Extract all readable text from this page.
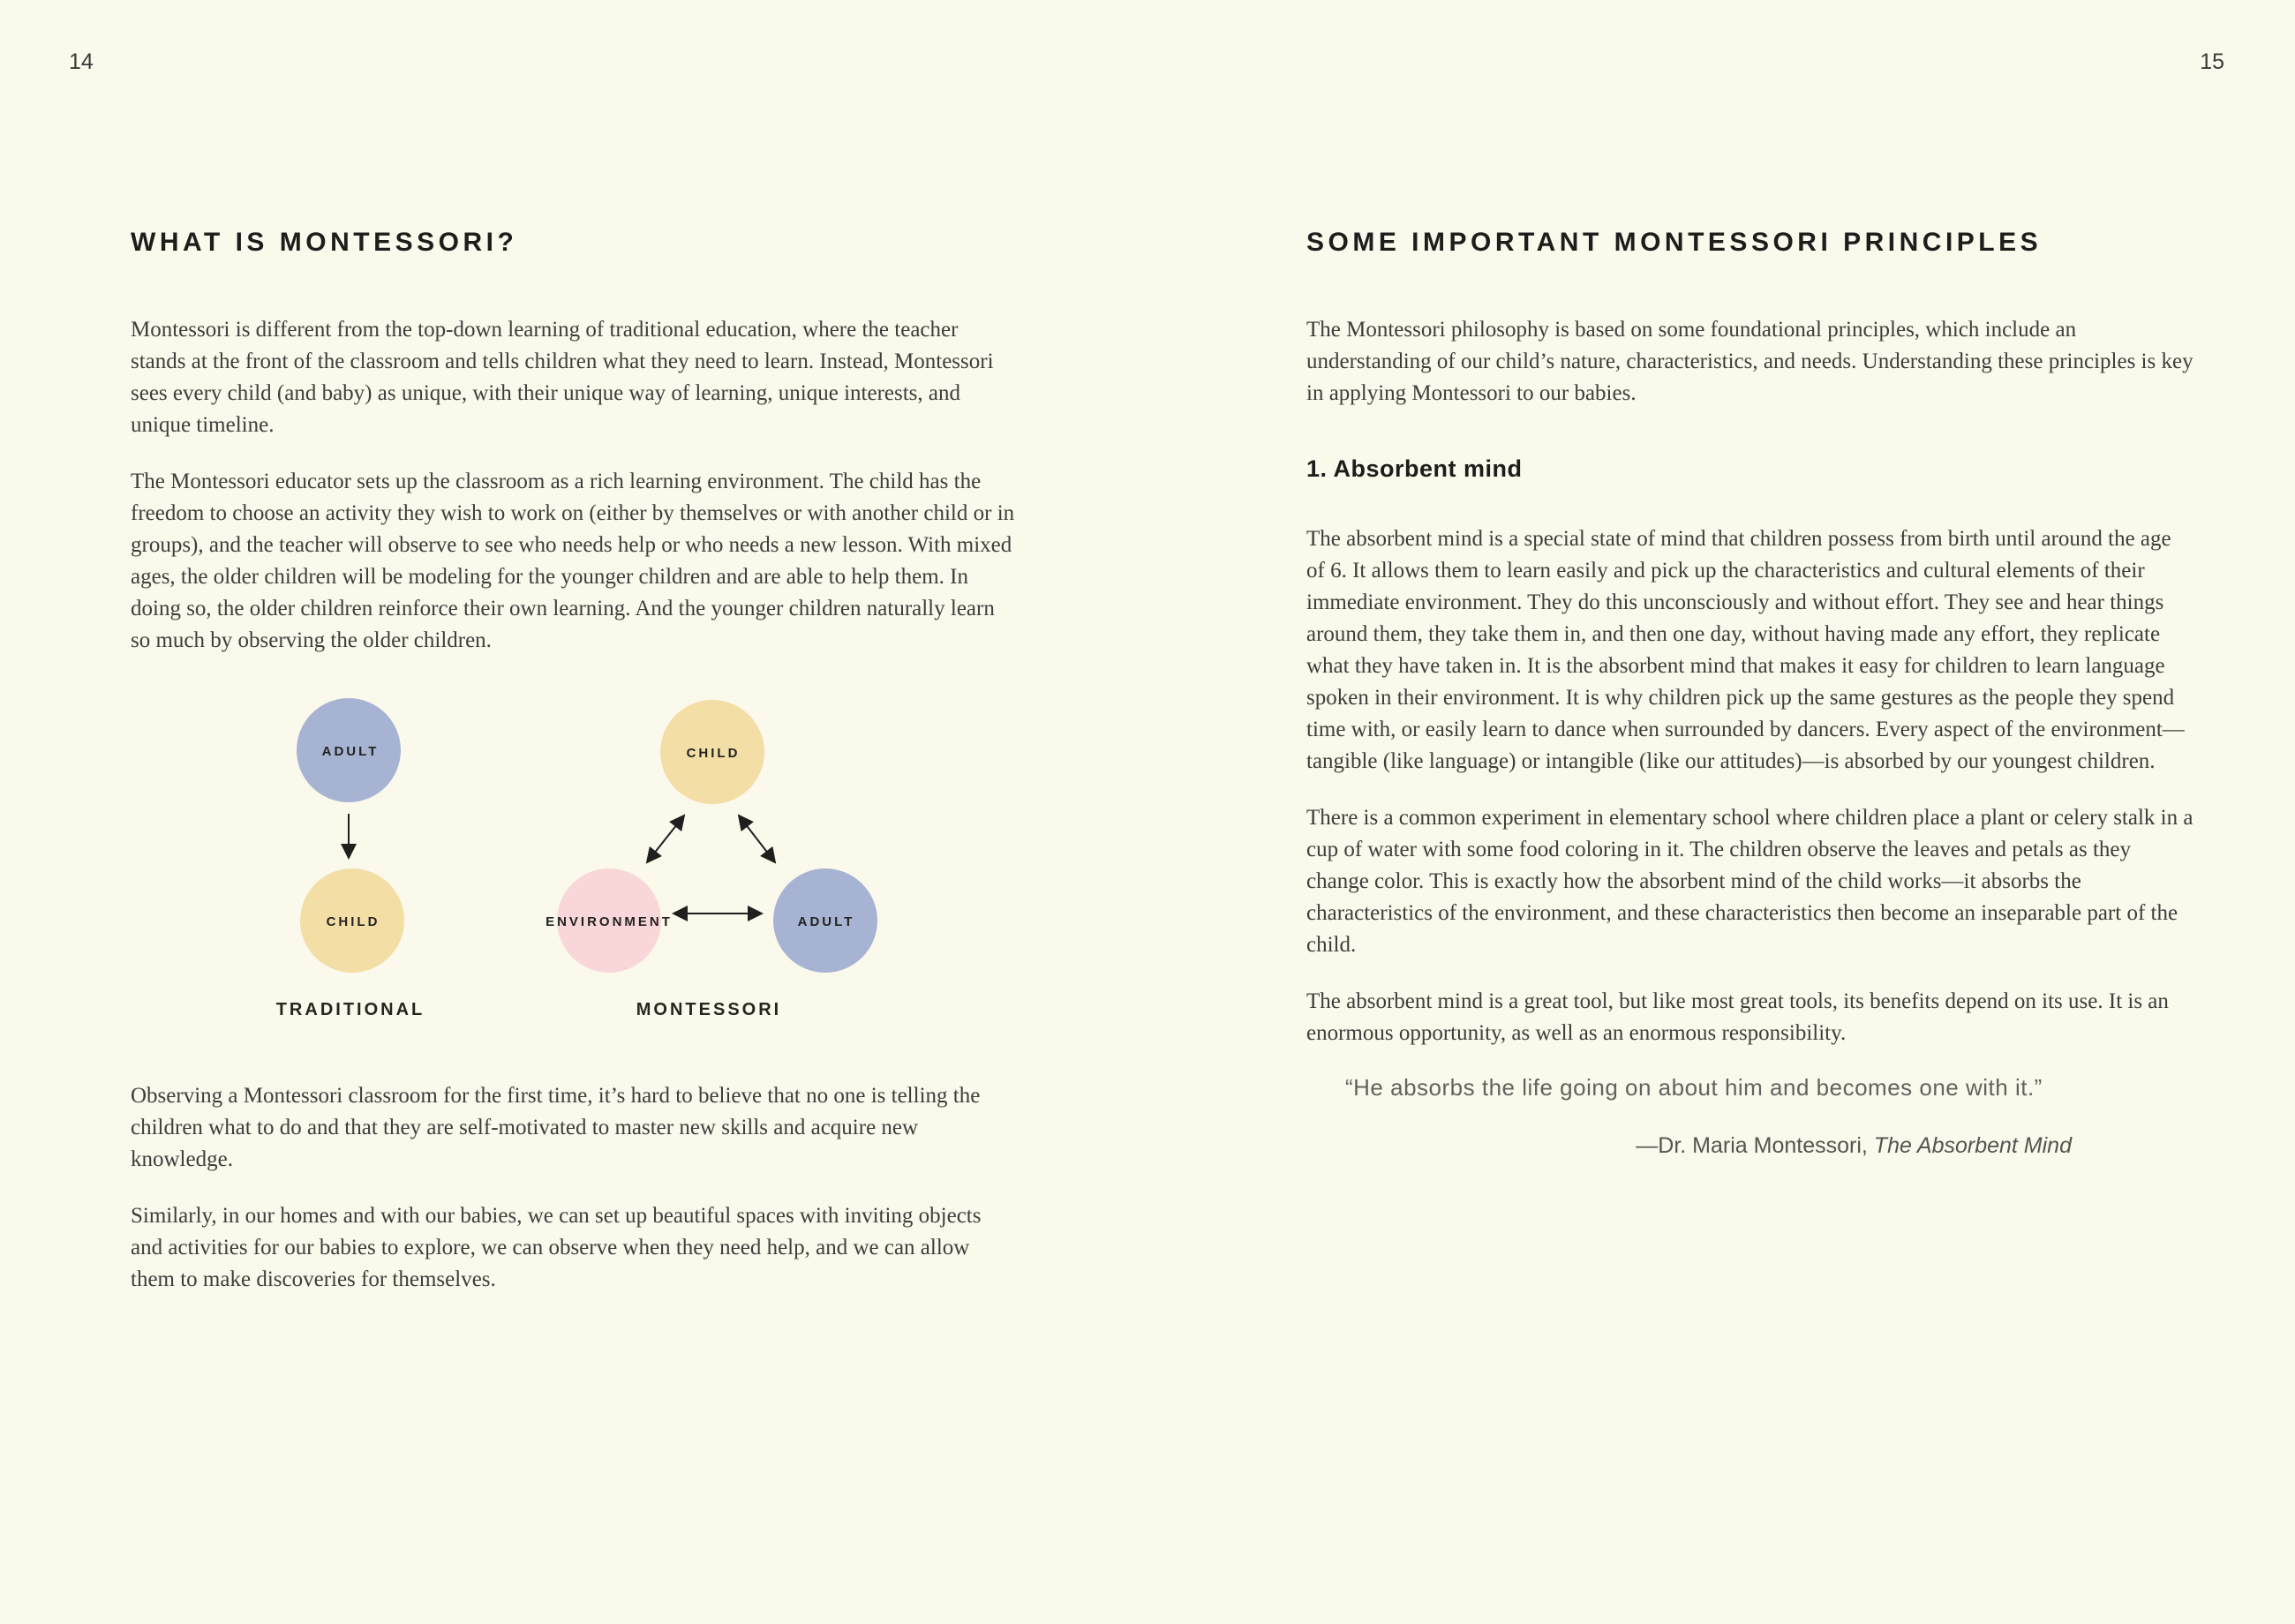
14
WHAT IS MONTESSORI?

Montessori is different from the top-down learning of traditional education, where the teacher stands at the front of the classroom and tells children what they need to learn. Instead, Montessori sees every child (and baby) as unique, with their unique way of learning, unique interests, and unique timeline.

The Montessori educator sets up the classroom as a rich learning environment. The child has the freedom to choose an activity they wish to work on (either by themselves or with another child or in groups), and the teacher will observe to see who needs help or who needs a new lesson. With mixed ages, the older children will be modeling for the younger children and are able to help them. In doing so, the older children reinforce their own learning. And the younger children naturally learn so much by observing the older children.

ADULT
CHILD
TRADITIONAL
CHILD
ENVIRONMENT	ADULT
MONTESSORI

Observing a Montessori classroom for the first time, it’s hard to believe that no one is telling the children what to do and that they are self-motivated to master new skills and acquire new knowledge.

Similarly, in our homes and with our babies, we can set up beautiful spaces with inviting objects and activities for our babies to explore, we can observe when they need help, and we can allow them to make discoveries for themselves.

15
SOME IMPORTANT MONTESSORI PRINCIPLES

The Montessori philosophy is based on some foundational principles, which include an understanding of our child’s nature, characteristics, and needs. Understanding these principles is key in applying Montessori to our babies.

1. Absorbent mind

The absorbent mind is a special state of mind that children possess from birth until around the age of 6. It allows them to learn easily and pick up the characteristics and cultural elements of their immediate environment. They do this unconsciously and without effort. They see and hear things around them, they take them in, and then one day, without having made any effort, they replicate what they have taken in. It is the absorbent mind that makes it easy for children to learn language spoken in their environment. It is why children pick up the same gestures as the people they spend time with, or easily learn to dance when surrounded by dancers. Every aspect of the environment—tangible (like language) or intangible (like our attitudes)—is absorbed by our youngest children.

There is a common experiment in elementary school where children place a plant or celery stalk in a cup of water with some food coloring in it. The children observe the leaves and petals as they change color. This is exactly how the absorbent mind of the child works—it absorbs the characteristics of the environment, and these characteristics then become an inseparable part of the child.

The absorbent mind is a great tool, but like most great tools, its benefits depend on its use. It is an enormous opportunity, as well as an enormous responsibility.

“He absorbs the life going on about him and becomes one with it.”

—Dr. Maria Montessori, The Absorbent Mind
